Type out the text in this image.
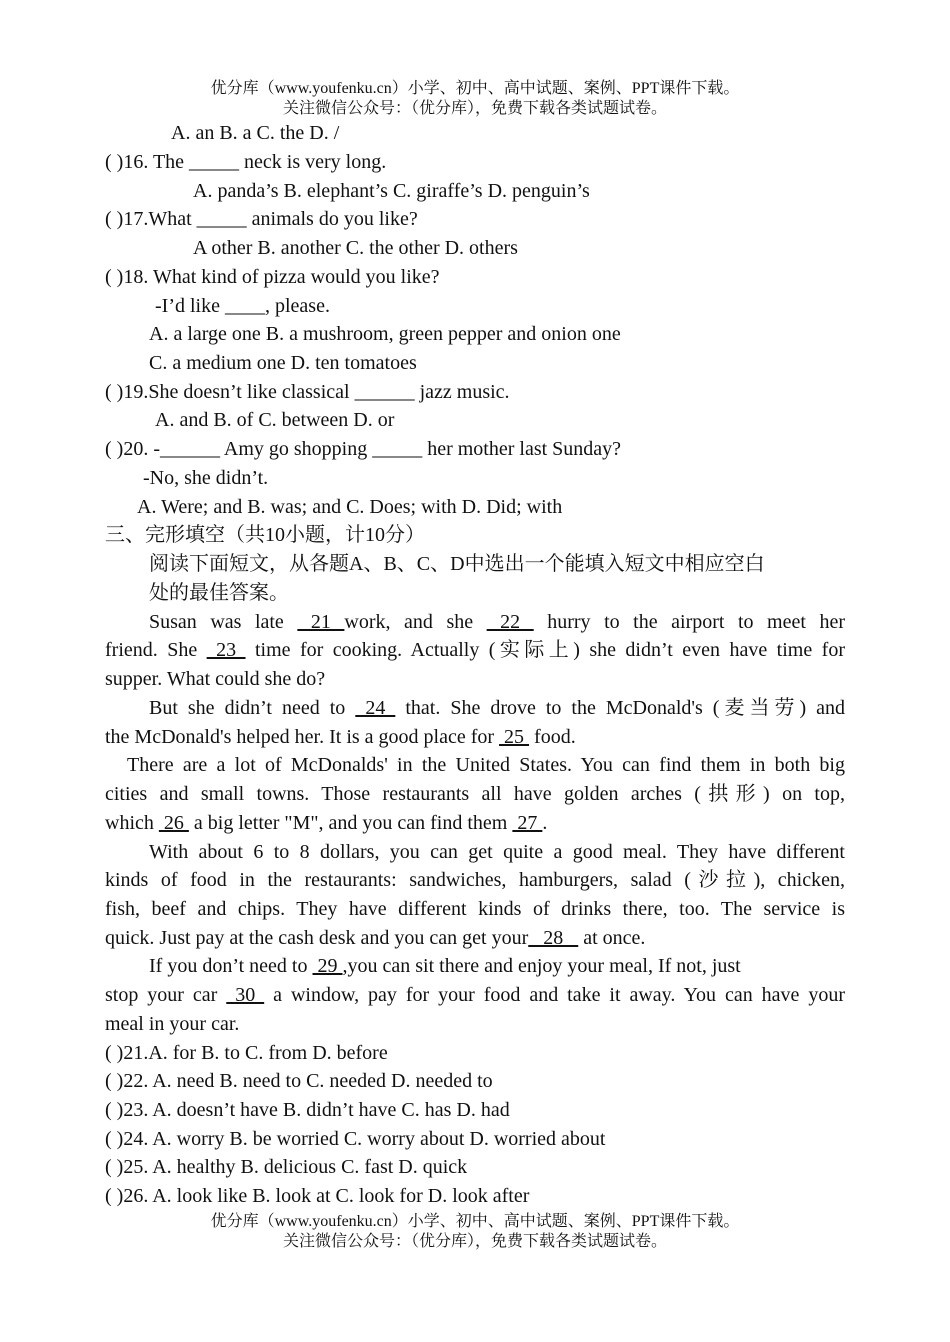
优分库（www.youfenku.cn）小学、初中、高中试题、案例、PPT课件下载。
关注微信公众号：（优分库），免费下载各类试题试卷。
A. an B. a C. the D. /
( )16. The _____ neck is very long.
A. panda’s B. elephant’s C. giraffe’s D. penguin’s
( )17.What _____ animals do you like?
A other B. another C. the other D. others
( )18. What kind of pizza would you like?
-I’d like ____, please.
A. a large one B. a mushroom, green pepper and onion one
C. a medium one D. ten tomatoes
( )19.She doesn’t like classical ______ jazz music.
A. and B. of C. between D. or
( )20. -______ Amy go shopping _____ her mother last Sunday?
-No, she didn’t.
A. Were; and B. was; and C. Does; with D. Did; with
三、完形填空（共10小题，计10分）
阅读下面短文，从各题A、B、C、D中选出一个能填入短文中相应空白
处的最佳答案。
Susan was late  21 work, and she  22  hurry to the airport to meet her
friend. She  23  time for cooking. Actually (实际上) she didn’t even have time for
supper. What could she do?
But she didn’t need to  24  that. She drove to the McDonald's (麦当劳) and
the McDonald's helped her. It is a good place for  25  food.
There are a lot of McDonalds' in the United States. You can find them in both big
cities and small towns. Those restaurants all have golden arches (拱形) on top,
which  26  a big letter "M", and you can find them  27 .
With about 6 to 8 dollars, you can get quite a good meal. They have different
kinds of food in the restaurants: sandwiches, hamburgers, salad (沙拉), chicken,
fish, beef and chips. They have different kinds of drinks there, too. The service is
quick. Just pay at the cash desk and you can get your   28    at once.
If you don’t need to  29 ,you can sit there and enjoy your meal, If not, just
stop your car  30  a window, pay for your food and take it away. You can have your
meal in your car.
( )21.A. for B. to C. from D. before
( )22. A. need B. need to C. needed D. needed to
( )23. A. doesn’t have B. didn’t have C. has D. had
( )24. A. worry B. be worried C. worry about D. worried about
( )25. A. healthy B. delicious C. fast D. quick
( )26. A. look like B. look at C. look for D. look after
优分库（www.youfenku.cn）小学、初中、高中试题、案例、PPT课件下载。
关注微信公众号：（优分库），免费下载各类试题试卷。
